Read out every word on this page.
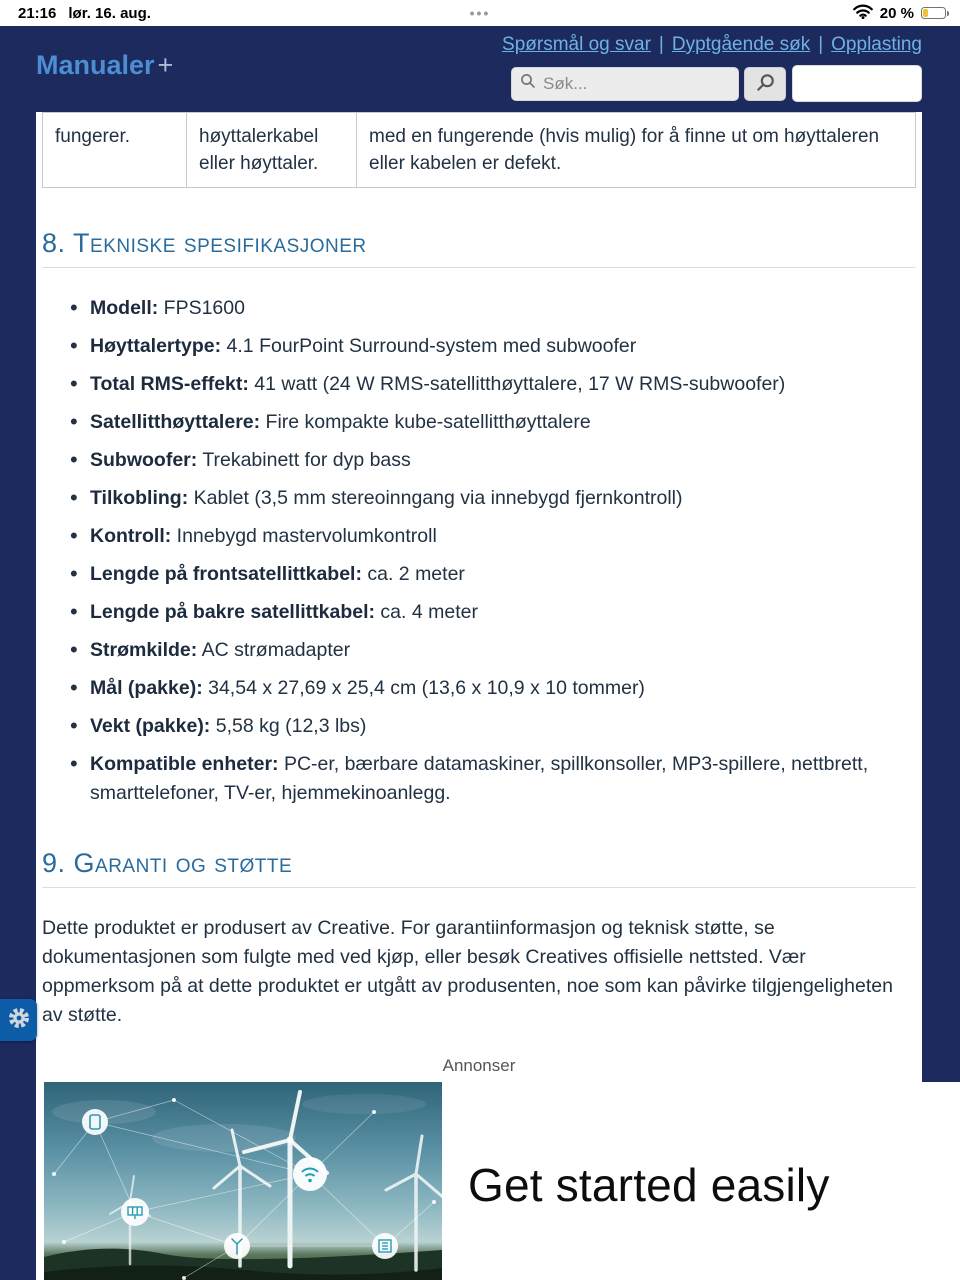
21:16 lør. 16. aug.	•••	20 %
Manualer +
Spørsmål og svar | Dyptgående søk | Opplasting
Søk...
fungerer.	høyttalerkabel eller høyttaler.	med en fungerende (hvis mulig) for å finne ut om høyttaleren eller kabelen er defekt.
8. Tekniske spesifikasjoner
• Modell: FPS1600
• Høyttalertype: 4.1 FourPoint Surround-system med subwoofer
• Total RMS-effekt: 41 watt (24 W RMS-satellitthøyttalere, 17 W RMS-subwoofer)
• Satellitthøyttalere: Fire kompakte kube-satellitthøyttalere
• Subwoofer: Trekabinett for dyp bass
• Tilkobling: Kablet (3,5 mm stereoinngang via innebygd fjernkontroll)
• Kontroll: Innebygd mastervolumkontroll
• Lengde på frontsatellittkabel: ca. 2 meter
• Lengde på bakre satellittkabel: ca. 4 meter
• Strømkilde: AC strømadapter
• Mål (pakke): 34,54 x 27,69 x 25,4 cm (13,6 x 10,9 x 10 tommer)
• Vekt (pakke): 5,58 kg (12,3 lbs)
• Kompatible enheter: PC-er, bærbare datamaskiner, spillkonsoller, MP3-spillere, nettbrett, smarttelefoner, TV-er, hjemmekinoanlegg.
9. Garanti og støtte

Dette produktet er produsert av Creative. For garantiinformasjon og teknisk støtte, se dokumentasjonen som fulgte med ved kjøp, eller besøk Creatives offisielle nettsted. Vær oppmerksom på at dette produktet er utgått av produsenten, noe som kan påvirke tilgjengeligheten av støtte.

Annonser
Get started easily
